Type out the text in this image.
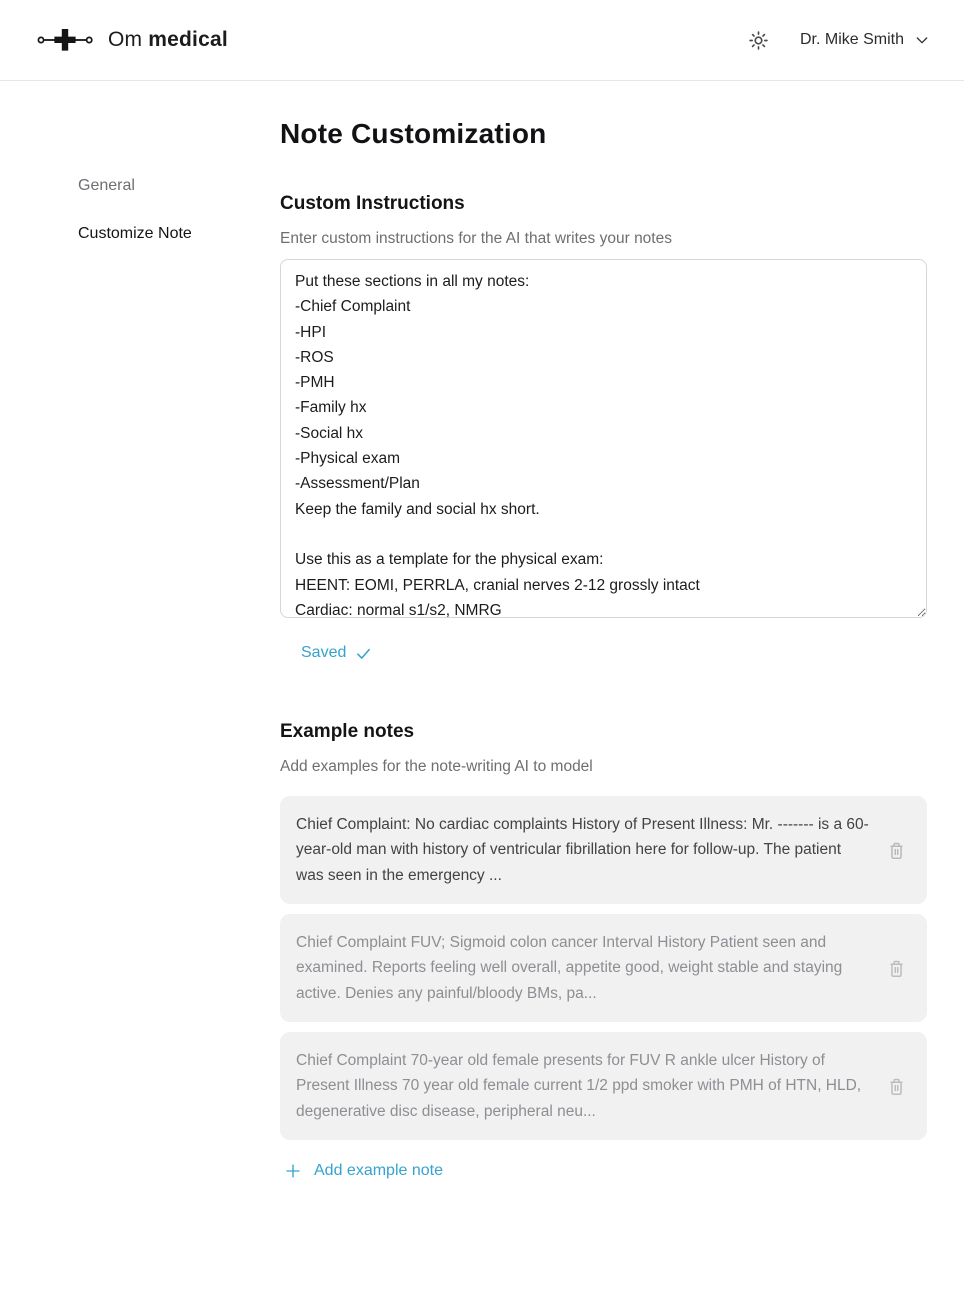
Om medical	Dr. Mike Smith
General
Customize Note
Note Customization
Custom Instructions

Enter custom instructions for the AI that writes your notes

Put these sections in all my notes: -Chief Complaint -HPI -ROS -PMH -Family hx -Social hx -Physical exam -Assessment/Plan Keep the family and social hx short. Use this as a template for the physical exam: HEENT: EOMI, PERRLA, cranial nerves 2-12 grossly intact Cardiac: normal s1/s2, NMRG
Saved
Example notes

Add examples for the note-writing AI to model

Chief Complaint: No cardiac complaints History of Present Illness: Mr. ------- is a 60-year-old man with history of ventricular fibrillation here for follow-up. The patient was seen in the emergency ...

Chief Complaint FUV; Sigmoid colon cancer Interval History Patient seen and examined. Reports feeling well overall, appetite good, weight stable and staying active. Denies any painful/bloody BMs, pa...

Chief Complaint 70-year old female presents for FUV R ankle ulcer History of Present Illness 70 year old female current 1/2 ppd smoker with PMH of HTN, HLD, degenerative disc disease, peripheral neu...

Add example note
